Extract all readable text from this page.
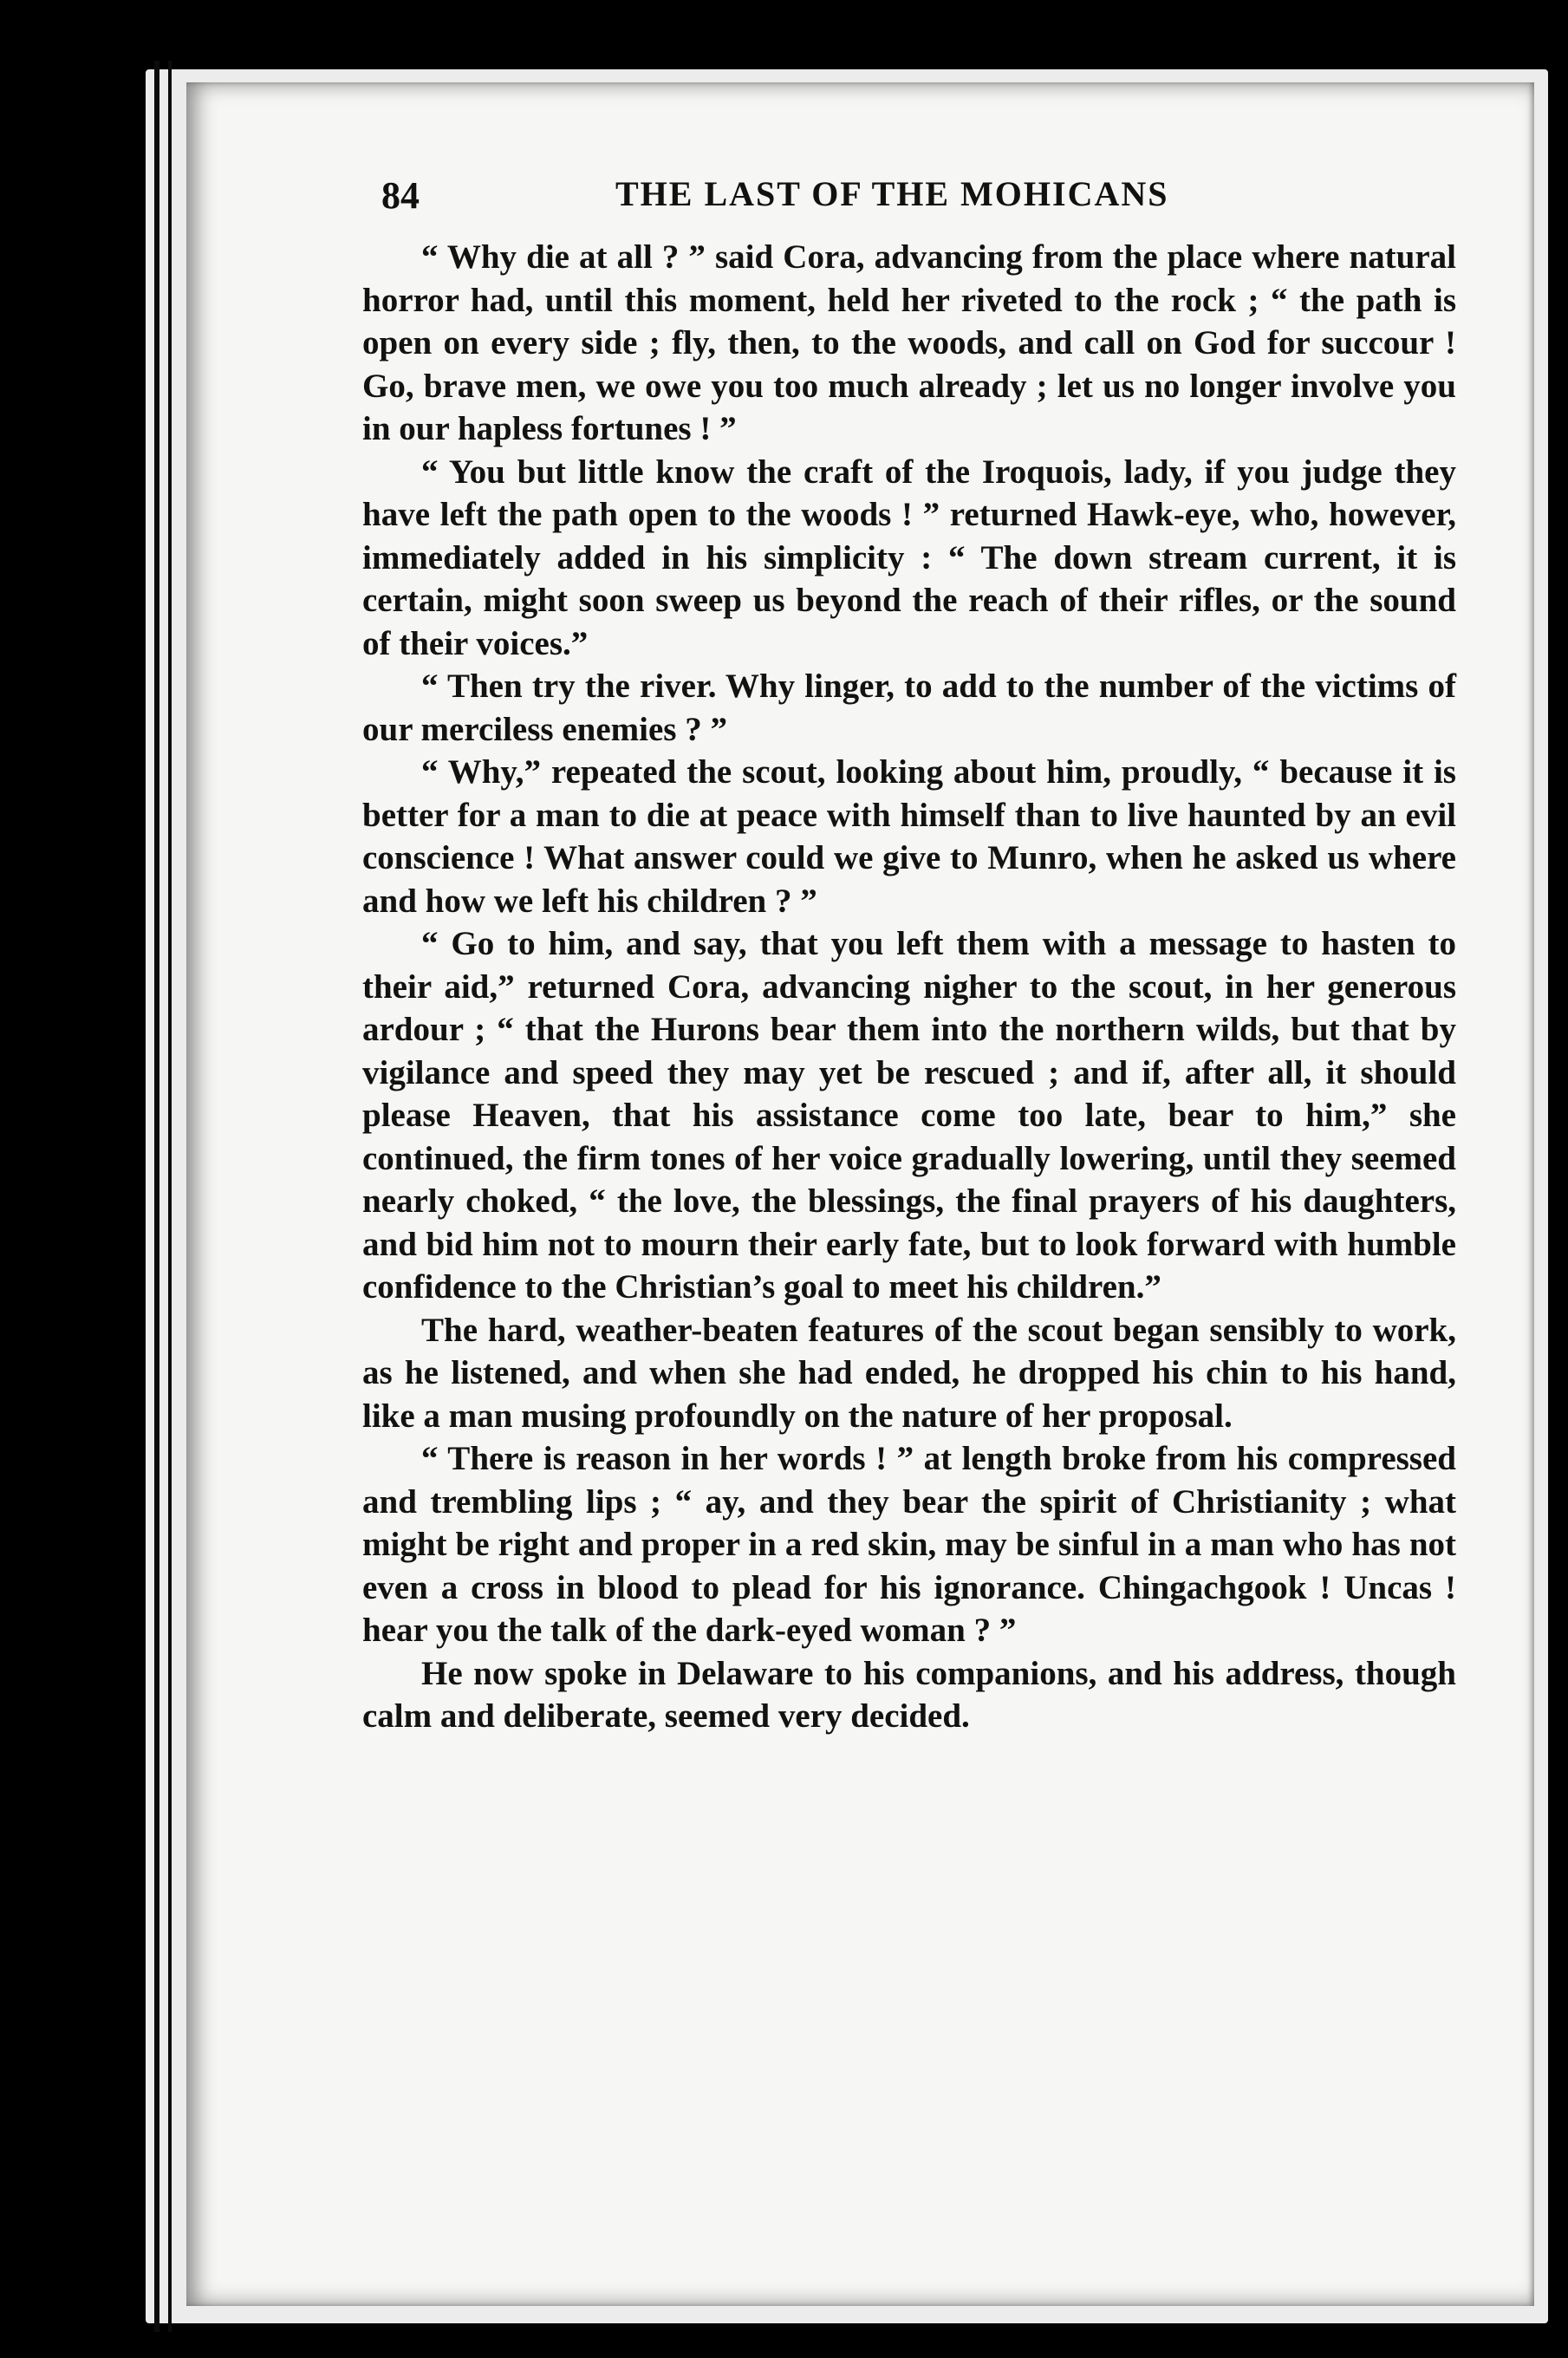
84	THE LAST OF THE MOHICANS

“ Why die at all ? ” said Cora, advancing from the place where natural horror had, until this moment, held her riveted to the rock ; “ the path is open on every side ; fly, then, to the woods, and call on God for succour ! Go, brave men, we owe you too much already ; let us no longer involve you in our hapless fortunes ! ”

“ You but little know the craft of the Iroquois, lady, if you judge they have left the path open to the woods ! ” returned Hawk-eye, who, however, immediately added in his simplicity : “ The down stream current, it is certain, might soon sweep us beyond the reach of their rifles, or the sound of their voices.”

“ Then try the river. Why linger, to add to the number of the victims of our merciless enemies ? ”

“ Why,” repeated the scout, looking about him, proudly, “ because it is better for a man to die at peace with himself than to live haunted by an evil conscience ! What answer could we give to Munro, when he asked us where and how we left his children ? ”

“ Go to him, and say, that you left them with a message to hasten to their aid,” returned Cora, advancing nigher to the scout, in her generous ardour ; “ that the Hurons bear them into the northern wilds, but that by vigilance and speed they may yet be rescued ; and if, after all, it should please Heaven, that his assistance come too late, bear to him,” she continued, the firm tones of her voice gradually lowering, until they seemed nearly choked, “ the love, the blessings, the final prayers of his daughters, and bid him not to mourn their early fate, but to look forward with humble confidence to the Christian’s goal to meet his children.”

The hard, weather-beaten features of the scout began sensibly to work, as he listened, and when she had ended, he dropped his chin to his hand, like a man musing profoundly on the nature of her proposal.

“ There is reason in her words ! ” at length broke from his compressed and trembling lips ; “ ay, and they bear the spirit of Christianity ; what might be right and proper in a red skin, may be sinful in a man who has not even a cross in blood to plead for his ignorance. Chingachgook ! Uncas ! hear you the talk of the dark-eyed woman ? ”

He now spoke in Delaware to his companions, and his address, though calm and deliberate, seemed very decided.
